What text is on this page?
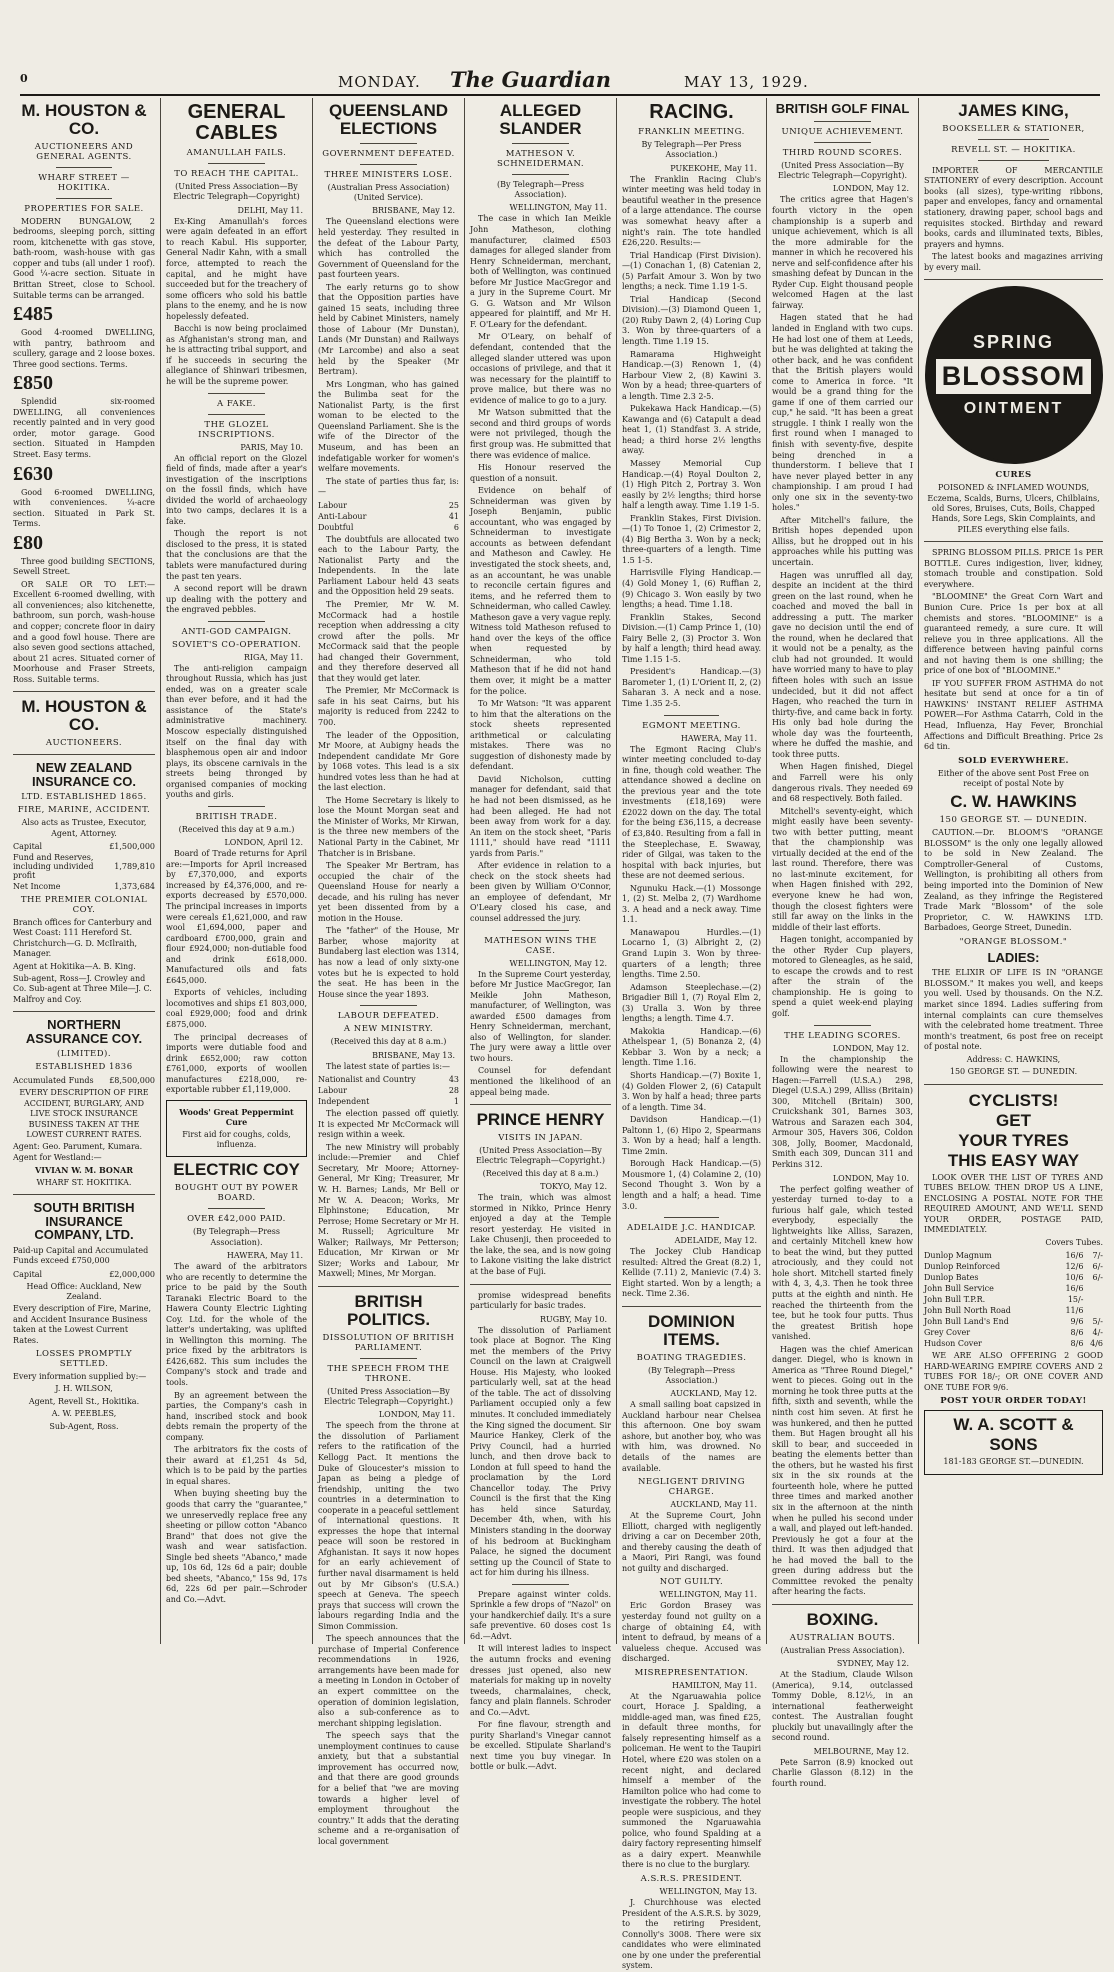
0	MONDAY. The Guardian	MAY 13, 1929.
M. HOUSTON & CO.
AUCTIONEERS AND GENERAL AGENTS.
WHARF STREET — HOKITIKA.
PROPERTIES FOR SALE.
MODERN BUNGALOW, 2 bedrooms, sleeping porch, sitting room, kitchenette with gas stove, bath-room, wash-house with gas copper and tubs (all under 1 roof). Good ¼-acre section. Situate in Brittan Street, close to School. Suitable terms can be arranged.
£485
Good 4-roomed DWELLING, with pantry, bathroom and scullery, garage and 2 loose boxes. Three good sections. Terms.
£850
Splendid six-roomed DWELLING, all conveniences recently painted and in very good order, motor garage. Good section. Situated in Hampden Street. Easy terms.
£630
Good 6-roomed DWELLING, with conveniences. ¼-acre section. Situated in Park St. Terms.
£80
Three good building SECTIONS, Sewell Street.
OR SALE OR TO LET:—Excellent 6-roomed dwelling, with all conveniences; also kitchenette, bathroom, sun porch, wash-house and copper; concrete floor in dairy and a good fowl house. There are also seven good sections attached, about 21 acres. Situated corner of Moorhouse and Fraser Streets, Ross. Suitable terms.
M. HOUSTON & CO.
AUCTIONEERS.
NEW ZEALAND INSURANCE CO.
LTD. ESTABLISHED 1865.
FIRE, MARINE, ACCIDENT.
Also acts as Trustee, Executor, Agent, Attorney.
Capital	£1,500,000
Fund and Reserves, including undivided profit	1,789,810
Net Income	1,373,684
THE PREMIER COLONIAL COY.
Branch offices for Canterbury and West Coast: 111 Hereford St. Christchurch—G. D. McIlraith, Manager.
Agent at Hokitika—A. B. King.
Sub-agent, Ross—J. Crowley and Co. Sub-agent at Three Mile—J. C. Malfroy and Coy.
NORTHERN ASSURANCE COY.
(LIMITED).
ESTABLISHED 1836
Accumulated Funds	£8,500,000
EVERY DESCRIPTION OF FIRE ACCIDENT, BURGLARY, AND LIVE STOCK INSURANCE BUSINESS TAKEN AT THE LOWEST CURRENT RATES.
Agent: Geo. Parument, Kumara. Agent for Westland:—
VIVIAN W. M. BONAR
WHARF ST. HOKITIKA.
SOUTH BRITISH INSURANCE COMPANY, LTD.
Paid-up Capital and Accumulated Funds exceed £750,000
Capital	£2,000,000
Head Office: Auckland, New Zealand.
Every description of Fire, Marine, and Accident Insurance Business taken at the Lowest Current Rates.
LOSSES PROMPTLY SETTLED.
Every information supplied by:—
J. H. WILSON,
Agent, Revell St., Hokitika.
A. W. PEEBLES,
Sub-Agent, Ross.
GENERAL CABLES
AMANULLAH FAILS.
TO REACH THE CAPITAL.
(United Press Association—By Electric Telegraph—Copyright)
DELHI, May 11.
Ex-King Amanullah's forces were again defeated in an effort to reach Kabul. His supporter, General Nadir Kahn, with a small force, attempted to reach the capital, and he might have succeeded but for the treachery of some officers who sold his battle plans to the enemy, and he is now hopelessly defeated.
Bacchi is now being proclaimed as Afghanistan's strong man, and he is attracting tribal support, and if he succeeds in securing the allegiance of Shinwari tribesmen, he will be the supreme power.
A FAKE.
THE GLOZEL INSCRIPTIONS.
PARIS, May 10.
An official report on the Glozel field of finds, made after a year's investigation of the inscriptions on the fossil finds, which have divided the world of archaeology into two camps, declares it is a fake.
Though the report is not disclosed to the press, it is stated that the conclusions are that the tablets were manufactured during the past ten years.
A second report will be drawn up dealing with the pottery and the engraved pebbles.
ANTI-GOD CAMPAIGN.
SOVIET'S CO-OPERATION.
RIGA, May 11.
The anti-religion campaign throughout Russia, which has just ended, was on a greater scale than ever before, and it had the assistance of the State's administrative machinery. Moscow especially distinguished itself on the final day with blasphemous open air and indoor plays, its obscene carnivals in the streets being thronged by organised companies of mocking youths and girls.
BRITISH TRADE.
(Received this day at 9 a.m.)
LONDON, April 12.
Board of Trade returns for April are:—Imports for April increased by £7,370,000, and exports increased by £4,376,000, and re-exports decreased by £570,000. The principal increases in imports were cereals £1,621,000, and raw wool £1,694,000, paper and cardboard £700,000, grain and flour £924,000; non-dutiable food and drink £618,000. Manufactured oils and fats £645,000.
Exports of vehicles, including locomotives and ships £1 803,000, coal £929,000; food and drink £875,000.
The principal decreases of imports were dutiable food and drink £652,000; raw cotton £761,000, exports of woollen manufactures £218,000, re-exportable rubber £1,119,000.
Woods' Great Peppermint Cure
First aid for coughs, colds, influenza.
ELECTRIC COY
BOUGHT OUT BY POWER BOARD.
OVER £42,000 PAID.
(By Telegraph—Press Association).
HAWERA, May 11.
The award of the arbitrators who are recently to determine the price to be paid by the South Taranaki Electric Board to the Hawera County Electric Lighting Coy. Ltd. for the whole of the latter's undertaking, was uplifted in Wellington this morning. The price fixed by the arbitrators is £426,682. This sum includes the Company's stock and trade and tools.
By an agreement between the parties, the Company's cash in hand, inscribed stock and book debts remain the property of the company.
The arbitrators fix the costs of their award at £1,251 4s 5d, which is to be paid by the parties in equal shares.
When buying sheeting buy the goods that carry the "guarantee," we unreservedly replace free any sheeting or pillow cotton "Abanco Brand" that does not give the wash and wear satisfaction. Single bed sheets "Abanco," made up, 10s 6d, 12s 6d a pair; double bed sheets, "Abanco," 15s 9d, 17s 6d, 22s 6d per pair.—Schroder and Co.—Advt.
QUEENSLAND ELECTIONS
GOVERNMENT DEFEATED.
THREE MINISTERS LOSE.
(Australian Press Association) (United Service).
BRISBANE, May 12.
The Queensland elections were held yesterday. They resulted in the defeat of the Labour Party, which has controlled the Government of Queensland for the past fourteen years.
The early returns go to show that the Opposition parties have gained 15 seats, including three held by Cabinet Ministers, namely those of Labour (Mr Dunstan), Lands (Mr Dunstan) and Railways (Mr Larcombe) and also a seat held by the Speaker (Mr Bertram).
Mrs Longman, who has gained the Bulimba seat for the Nationalist Party, is the first woman to be elected to the Queensland Parliament. She is the wife of the Director of the Museum, and has been an indefatigable worker for women's welfare movements.
The state of parties thus far, is:—
Labour	25
Anti-Labour	41
Doubtful	6
The doubtfuls are allocated two each to the Labour Party, the Nationalist Party and the Independents. In the late Parliament Labour held 43 seats and the Opposition held 29 seats.
The Premier, Mr W. M. McCormack had a hostile reception when addressing a city crowd after the polls. Mr McCormack said that the people had changed their Government, and they therefore deserved all that they would get later.
The Premier, Mr McCormack is safe in his seat Cairns, but his majority is reduced from 2242 to 700.
The leader of the Opposition, Mr Moore, at Aubigny heads the Independent candidate Mr Gore by 1068 votes. This lead is a six hundred votes less than he had at the last election.
The Home Secretary is likely to lose the Mount Morgan seat and the Minister of Works, Mr Kirwan, is the three new members of the National Party in the Cabinet, Mr Thatcher is in Brisbane.
The Speaker Mr Bertram, has occupied the chair of the Queensland House for nearly a decade, and his ruling has never yet been dissented from by a motion in the House.
The "father" of the House, Mr Barber, whose majority at Bundaberg last election was 1314, has now a lead of only sixty-one votes but he is expected to hold the seat. He has been in the House since the year 1893.
LABOUR DEFEATED.
A NEW MINISTRY.
(Received this day at 8 a.m.)
BRISBANE, May 13.
The latest state of parties is:—
Nationalist and Country	43
Labour	28
Independent	1
The election passed off quietly. It is expected Mr McCormack will resign within a week.
The new Ministry will probably include:—Premier and Chief Secretary, Mr Moore; Attorney-General, Mr King; Treasurer, Mr W. H. Barnes; Lands, Mr Bell or Mr W. A. Deacon; Works, Mr Elphinstone; Education, Mr Perrose; Home Secretary or Mr H. M. Russell; Agriculture Mr Walker; Railways, Mr Petterson; Education, Mr Kirwan or Mr Sizer; Works and Labour, Mr Maxwell; Mines, Mr Morgan.
BRITISH POLITICS.
DISSOLUTION OF BRITISH PARLIAMENT.
THE SPEECH FROM THE THRONE.
(United Press Association—By Electric Telegraph—Copyright.)
LONDON, May 11.
The speech from the throne at the dissolution of Parliament refers to the ratification of the Kellogg Pact. It mentions the Duke of Gloucester's mission to Japan as being a pledge of friendship, uniting the two countries in a determination to cooperate in a peaceful settlement of international questions. It expresses the hope that internal peace will soon be restored in Afghanistan. It says it now hopes for an early achievement of further naval disarmament is held out by Mr Gibson's (U.S.A.) speech at Geneva. The speech prays that success will crown the labours regarding India and the Simon Commission.
The speech announces that the purchase of Imperial Conference recommendations in 1926, arrangements have been made for a meeting in London in October of an expert committee on the operation of dominion legislation, also a sub-conference as to merchant shipping legislation.
The speech says that the unemployment continues to cause anxiety, but that a substantial improvement has occurred now, and that there are good grounds for a belief that "we are moving towards a higher level of employment throughout the country." It adds that the derating scheme and a re-organisation of local government
ALLEGED SLANDER
MATHESON V. SCHNEIDERMAN.
(By Telegraph—Press Association).
WELLINGTON, May 11.
The case in which Ian Meikle John Matheson, clothing manufacturer, claimed £503 damages for alleged slander from Henry Schneiderman, merchant, both of Wellington, was continued before Mr Justice MacGregor and a jury in the Supreme Court. Mr G. G. Watson and Mr Wilson appeared for plaintiff, and Mr H. F. O'Leary for the defendant.
Mr O'Leary, on behalf of defendant, contended that the alleged slander uttered was upon occasions of privilege, and that it was necessary for the plaintiff to prove malice, but there was no evidence of malice to go to a jury.
Mr Watson submitted that the second and third groups of words were not privileged, though the first group was. He submitted that there was evidence of malice.
His Honour reserved the question of a nonsuit.
Evidence on behalf of Schneiderman was given by Joseph Benjamin, public accountant, who was engaged by Schneiderman to investigate accounts as between defendant and Matheson and Cawley. He investigated the stock sheets, and, as an accountant, he was unable to reconcile certain figures and items, and he referred them to Schneiderman, who called Cawley. Matheson gave a very vague reply. Witness told Matheson refused to hand over the keys of the office when requested by Schneiderman, who told Matheson that if he did not hand them over, it might be a matter for the police.
To Mr Watson: "It was apparent to him that the alterations on the stock sheets represented arithmetical or calculating mistakes. There was no suggestion of dishonesty made by defendant.
David Nicholson, cutting manager for defendant, said that he had not been dismissed, as he had been alleged. He had not been away from work for a day. An item on the stock sheet, "Paris 1111," should have read "1111 yards from Paris."
After evidence in relation to a check on the stock sheets had been given by William O'Connor, an employee of defendant, Mr O'Leary closed his case, and counsel addressed the jury.
MATHESON WINS THE CASE.
WELLINGTON, May 12.
In the Supreme Court yesterday, before Mr Justice MacGregor, Ian Meikle John Matheson, manufacturer, of Wellington, was awarded £500 damages from Henry Schneiderman, merchant, also of Wellington, for slander. The jury were away a little over two hours.
Counsel for defendant mentioned the likelihood of an appeal being made.
PRINCE HENRY
VISITS IN JAPAN.
(United Press Association—By Electric Telegraph—Copyright.)
(Received this day at 8 a.m.)
TOKYO, May 12.
The train, which was almost stormed in Nikko, Prince Henry enjoyed a day at the Temple resort yesterday. He visited in Lake Chusenji, then proceeded to the lake, the sea, and is now going to Lakone visiting the lake district at the base of Fuji.
promise widespread benefits particularly for basic trades.
RUGBY, May 10.
The dissolution of Parliament took place at Bognor. The King met the members of the Privy Council on the lawn at Craigwell House. His Majesty, who looked particularly well, sat at the head of the table. The act of dissolving Parliament occupied only a few minutes. It concluded immediately the King signed the document. Sir Maurice Hankey, Clerk of the Privy Council, had a hurried lunch, and then drove back to London at full speed to hand the proclamation by the Lord Chancellor today. The Privy Council is the first that the King has held since Saturday, December 4th, when, with his Ministers standing in the doorway of his bedroom at Buckingham Palace, he signed the document setting up the Council of State to act for him during his illness.
Prepare against winter colds. Sprinkle a few drops of "Nazol" on your handkerchief daily. It's a sure safe preventive. 60 doses cost 1s 6d.—Advt.
It will interest ladies to inspect the autumn frocks and evening dresses just opened, also new materials for making up in novelty tweeds, charmalaines, check, fancy and plain flannels. Schroder and Co.—Advt.
For fine flavour, strength and purity Sharland's Vinegar cannot be excelled. Stipulate Sharland's next time you buy vinegar. In bottle or bulk.—Advt.
RACING.
FRANKLIN MEETING.
By Telegraph—Per Press Association.)
PUKEKOHE, May 11.
The Franklin Racing Club's winter meeting was held today in beautiful weather in the presence of a large attendance. The course was somewhat heavy after a night's rain. The tote handled £26,220. Results:—
Trial Handicap (First Division).—(1) Conachan 1, (8) Catenian 2, (5) Parfait Amour 3. Won by two lengths; a neck. Time 1.19 1-5.
Trial Handicap (Second Division).—(3) Diamond Queen 1, (20) Ruby Dawn 2, (4) Loring Cup 3. Won by three-quarters of a length. Time 1.19 15.
Ramarama Highweight Handicap.—(3) Renown 1, (4) Harbour View 2, (8) Kawini 3. Won by a head; three-quarters of a length. Time 2.3 2-5.
Pukekawa Hack Handicap.—(5) Kawanga and (6) Catapult a dead heat 1, (1) Standfast 3. A stride, head; a third horse 2½ lengths away.
Massey Memorial Cup Handicap.—(4) Royal Doulton 2, (1) High Pitch 2, Portray 3. Won easily by 2½ lengths; third horse half a length away. Time 1.19 1-5.
Franklin Stakes, First Division.—(1) To Tonoe 1, (2) Crimestor 2, (4) Big Bertha 3. Won by a neck; three-quarters of a length. Time 1.5 1-5.
Harrisville Flying Handicap.—(4) Gold Money 1, (6) Ruffian 2, (9) Chicago 3. Won easily by two lengths; a head. Time 1.18.
Franklin Stakes, Second Division.—(1) Camp Prince 1, (10) Fairy Belle 2, (3) Proctor 3. Won by half a length; third head away. Time 1.15 1-5.
President's Handicap.—(3) Barometer 1, (1) L'Orient II, 2, (2) Saharan 3. A neck and a nose. Time 1.35 2-5.
EGMONT MEETING.
HAWERA, May 11.
The Egmont Racing Club's winter meeting concluded to-day in fine, though cold weather. The attendance showed a decline on the previous year and the tote investments (£18,169) were £2022 down on the day. The total for the being £36,115, a decrease of £3,840. Resulting from a fall in the Steeplechase, E. Swaway, rider of Gilgai, was taken to the hospital with back injuries, but these are not deemed serious.
Ngunuku Hack.—(1) Mossonge 1, (2) St. Melba 2, (7) Wardhome 3. A head and a neck away. Time 1.1.
Manawapou Hurdles.—(1) Locarno 1, (3) Albright 2, (2) Grand Lupin 3. Won by three-quarters of a length; three lengths. Time 2.50.
Adamson Steeplechase.—(2) Brigadier Bill 1, (7) Royal Elm 2, (3) Uralla 3. Won by three lengths; a length. Time 4.7.
Makokia Handicap.—(6) Athelspear 1, (5) Bonanza 2, (4) Kebbar 3. Won by a neck; a length. Time 1.16.
Shorts Handicap.—(7) Boxite 1, (4) Golden Flower 2, (6) Catapult 3. Won by half a head; three parts of a length. Time 34.
Davidson Handicap.—(1) Paltonn 1, (6) Hipo 2, Spearmans 3. Won by a head; half a length. Time 2min.
Borough Hack Handicap.—(5) Mousmore 1, (4) Colamine 2, (10) Second Thought 3. Won by a length and a half; a head. Time 3.0.
ADELAIDE J.C. HANDICAP.
ADELAIDE, May 12.
The Jockey Club Handicap resulted: Altred the Great (8.2) 1, Kellide (7.11) 2, Manievic (7.4) 3. Eight started. Won by a length; a neck. Time 2.36.
DOMINION ITEMS.
BOATING TRAGEDIES.
(By Telegraph—Press Association.)
AUCKLAND, May 12.
A small sailing boat capsized in Auckland harbour near Chelsea this afternoon. One boy swam ashore, but another boy, who was with him, was drowned. No details of the names are available.
NEGLIGENT DRIVING CHARGE.
AUCKLAND, May 11.
At the Supreme Court, John Elliott, charged with negligently driving a car on December 20th, and thereby causing the death of a Maori, Piri Rangi, was found not guilty and discharged.
NOT GUILTY.
WELLINGTON, May 11.
Eric Gordon Brasey was yesterday found not guilty on a charge of obtaining £4, with intent to defraud, by means of a valueless cheque. Accused was discharged.
MISREPRESENTATION.
HAMILTON, May 11.
At the Ngaruawahia police court, Horace J. Spalding, a middle-aged man, was fined £25, in default three months, for falsely representing himself as a policeman. He went to the Taupiri Hotel, where £20 was stolen on a recent night, and declared himself a member of the Hamilton police who had come to investigate the robbery. The hotel people were suspicious, and they summoned the Ngaruawahia police, who found Spalding at a dairy factory representing himself as a dairy expert. Meanwhile there is no clue to the burglary.
A.S.R.S. PRESIDENT.
WELLINGTON, May 13.
J. Churchhouse was elected President of the A.S.R.S. by 3029, to the retiring President, Connolly's 3008. There were six candidates who were eliminated one by one under the preferential system.
BRITISH GOLF FINAL
UNIQUE ACHIEVEMENT.
THIRD ROUND SCORES.
(United Press Association—By Electric Telegraph—Copyright).
LONDON, May 12.
The critics agree that Hagen's fourth victory in the open championship is a superb and unique achievement, which is all the more admirable for the manner in which he recovered his nerve and self-confidence after his smashing defeat by Duncan in the Ryder Cup. Eight thousand people welcomed Hagen at the last fairway.
Hagen stated that he had landed in England with two cups. He had lost one of them at Leeds, but he was delighted at taking the other back, and he was confident that the British players would come to America in force. "It would be a grand thing for the game if one of them carried our cup," he said. "It has been a great struggle. I think I really won the first round when I managed to finish with seventy-five, despite being drenched in a thunderstorm. I believe that I have never played better in any championship. I am proud I had only one six in the seventy-two holes."
After Mitchell's failure, the British hopes depended upon Alliss, but he dropped out in his approaches while his putting was uncertain.
Hagen was unruffled all day, despite an incident at the third green on the last round, when he coached and moved the ball in addressing a putt. The marker gave no decision until the end of the round, when he declared that it would not be a penalty, as the club had not grounded. It would have worried many to have to play fifteen holes with such an issue undecided, but it did not affect Hagen, who reached the turn in thirty-five, and came back in forty. His only bad hole during the whole day was the fourteenth, where he duffed the mashie, and took three putts.
When Hagen finished, Diegel and Farrell were his only dangerous rivals. They needed 69 and 68 respectively. Both failed.
Mitchell's seventy-eight, which might easily have been seventy-two with better putting, meant that the championship was virtually decided at the end of the last round. Therefore, there was no last-minute excitement, for when Hagen finished with 292, everyone knew he had won, though the closest fighters were still far away on the links in the middle of their last efforts.
Hagen tonight, accompanied by the other Ryder Cup players, motored to Gleneagles, as he said, to escape the crowds and to rest after the strain of the championship. He is going to spend a quiet week-end playing golf.
THE LEADING SCORES.
LONDON, May 12.
In the championship the following were the nearest to Hagen:—Farrell (U.S.A.) 298, Diegel (U.S.A.) 299, Alliss (Britain) 300, Mitchell (Britain) 300, Cruickshank 301, Barnes 303, Watrous and Sarazen each 304, Armour 305, Havers 306, Coldon 308, Jolly, Boomer, Macdonald, Smith each 309, Duncan 311 and Perkins 312.
LONDON, May 10.
The perfect golfing weather of yesterday turned to-day to a furious half gale, which tested everybody, especially the lightweights like Alliss, Sarazen, and certainly Mitchell knew how to beat the wind, but they putted atrociously, and they could not hole short. Mitchell started finely with 4, 3, 4,3. Then he took three putts at the eighth and ninth. He reached the thirteenth from the tee, but he took four putts. Thus the greatest British hope vanished.
Hagen was the chief American danger. Diegel, who is known in America as "Three Round Diegel," went to pieces. Going out in the morning he took three putts at the fifth, sixth and seventh, while the ninth cost him seven. At first he was hunkered, and then he putted them. But Hagen brought all his skill to bear, and succeeded in beating the elements better than the others, but he wasted his first six in the six rounds at the fourteenth hole, where he putted three times and marked another six in the afternoon at the ninth when he pulled his second under a wall, and played out left-handed. Previously he got a four at the third. It was then adjudged that he had moved the ball to the green during address but the Committee revoked the penalty after hearing the facts.
BOXING.
AUSTRALIAN BOUTS.
(Australian Press Association).
SYDNEY, May 12.
At the Stadium, Claude Wilson (America), 9.14, outclassed Tommy Doble, 8.12½, in an international featherweight contest. The Australian fought pluckily but unavailingly after the second round.
MELBOURNE, May 12.
Pete Sarron (8.9) knocked out Charlie Glasson (8.12) in the fourth round.
JAMES KING,
BOOKSELLER & STATIONER,
REVELL ST. — HOKITIKA.
IMPORTER OF MERCANTILE STATIONERY of every description. Account books (all sizes), type-writing ribbons, paper and envelopes, fancy and ornamental stationery, drawing paper, school bags and requisites stocked. Birthday and reward books, cards and illuminated texts, Bibles, prayers and hymns.
The latest books and magazines arriving by every mail.
SPRING
BLOSSOM
OINTMENT
CURES
POISONED & INFLAMED WOUNDS, Eczema, Scalds, Burns, Ulcers, Chilblains, old Sores, Bruises, Cuts, Boils, Chapped Hands, Sore Legs, Skin Complaints, and PILES everything else fails.
SPRING BLOSSOM PILLS. PRICE 1s PER BOTTLE. Cures indigestion, liver, kidney, stomach trouble and constipation. Sold everywhere.
"BLOOMINE" the Great Corn Wart and Bunion Cure. Price 1s per box at all chemists and stores. "BLOOMINE" is a guaranteed remedy, a sure cure. It will relieve you in three applications. All the difference between having painful corns and not having them is one shilling; the price of one box of "BLOOMINE."
IF YOU SUFFER FROM ASTHMA do not hesitate but send at once for a tin of HAWKINS' INSTANT RELIEF ASTHMA POWER—For Asthma Catarrh, Cold in the Head, Influenza, Hay Fever, Bronchial Affections and Difficult Breathing. Price 2s 6d tin.
SOLD EVERYWHERE.
Either of the above sent Post Free on receipt of postal Note by
C. W. HAWKINS
150 GEORGE ST. — DUNEDIN.
CAUTION.—Dr. BLOOM'S "ORANGE BLOSSOM" is the only one legally allowed to be sold in New Zealand. The Comptroller-General of Customs, Wellington, is prohibiting all others from being imported into the Dominion of New Zealand, as they infringe the Registered Trade Mark "Blossom" of the sole Proprietor, C. W. HAWKINS LTD. Barbadoes, George Street, Dunedin.
"ORANGE BLOSSOM."
LADIES:
THE ELIXIR OF LIFE IS IN "ORANGE BLOSSOM." It makes you well, and keeps you well. Used by thousands. On the N.Z. market since 1894. Ladies suffering from internal complaints can cure themselves with the celebrated home treatment. Three month's treatment, 6s post free on receipt of postal note.
Address: C. HAWKINS,
150 GEORGE ST. — DUNEDIN.
CYCLISTS!
GET
YOUR TYRES
THIS EASY WAY
LOOK OVER THE LIST OF TYRES AND TUBES BELOW. THEN DROP US A LINE, ENCLOSING A POSTAL NOTE FOR THE REQUIRED AMOUNT, AND WE'LL SEND YOUR ORDER, POSTAGE PAID, IMMEDIATELY.
Covers Tubes.
Dunlop Magnum	16/6	7/-
Dunlop Reinforced	12/6	6/-
Dunlop Bates	10/6	6/-
John Bull Service	16/6	
John Bull T.P.R.	15/-	
John Bull North Road	11/6	
John Bull Land's End	9/6	5/-
Grey Cover	8/6	4/-
Hudson Cover	8/6	4/6
WE ARE ALSO OFFERING 2 GOOD HARD-WEARING EMPIRE COVERS AND 2 TUBES FOR 18/-; OR ONE COVER AND ONE TUBE FOR 9/6.
POST YOUR ORDER TODAY!
W. A. SCOTT & SONS
181-183 GEORGE ST.—DUNEDIN.
